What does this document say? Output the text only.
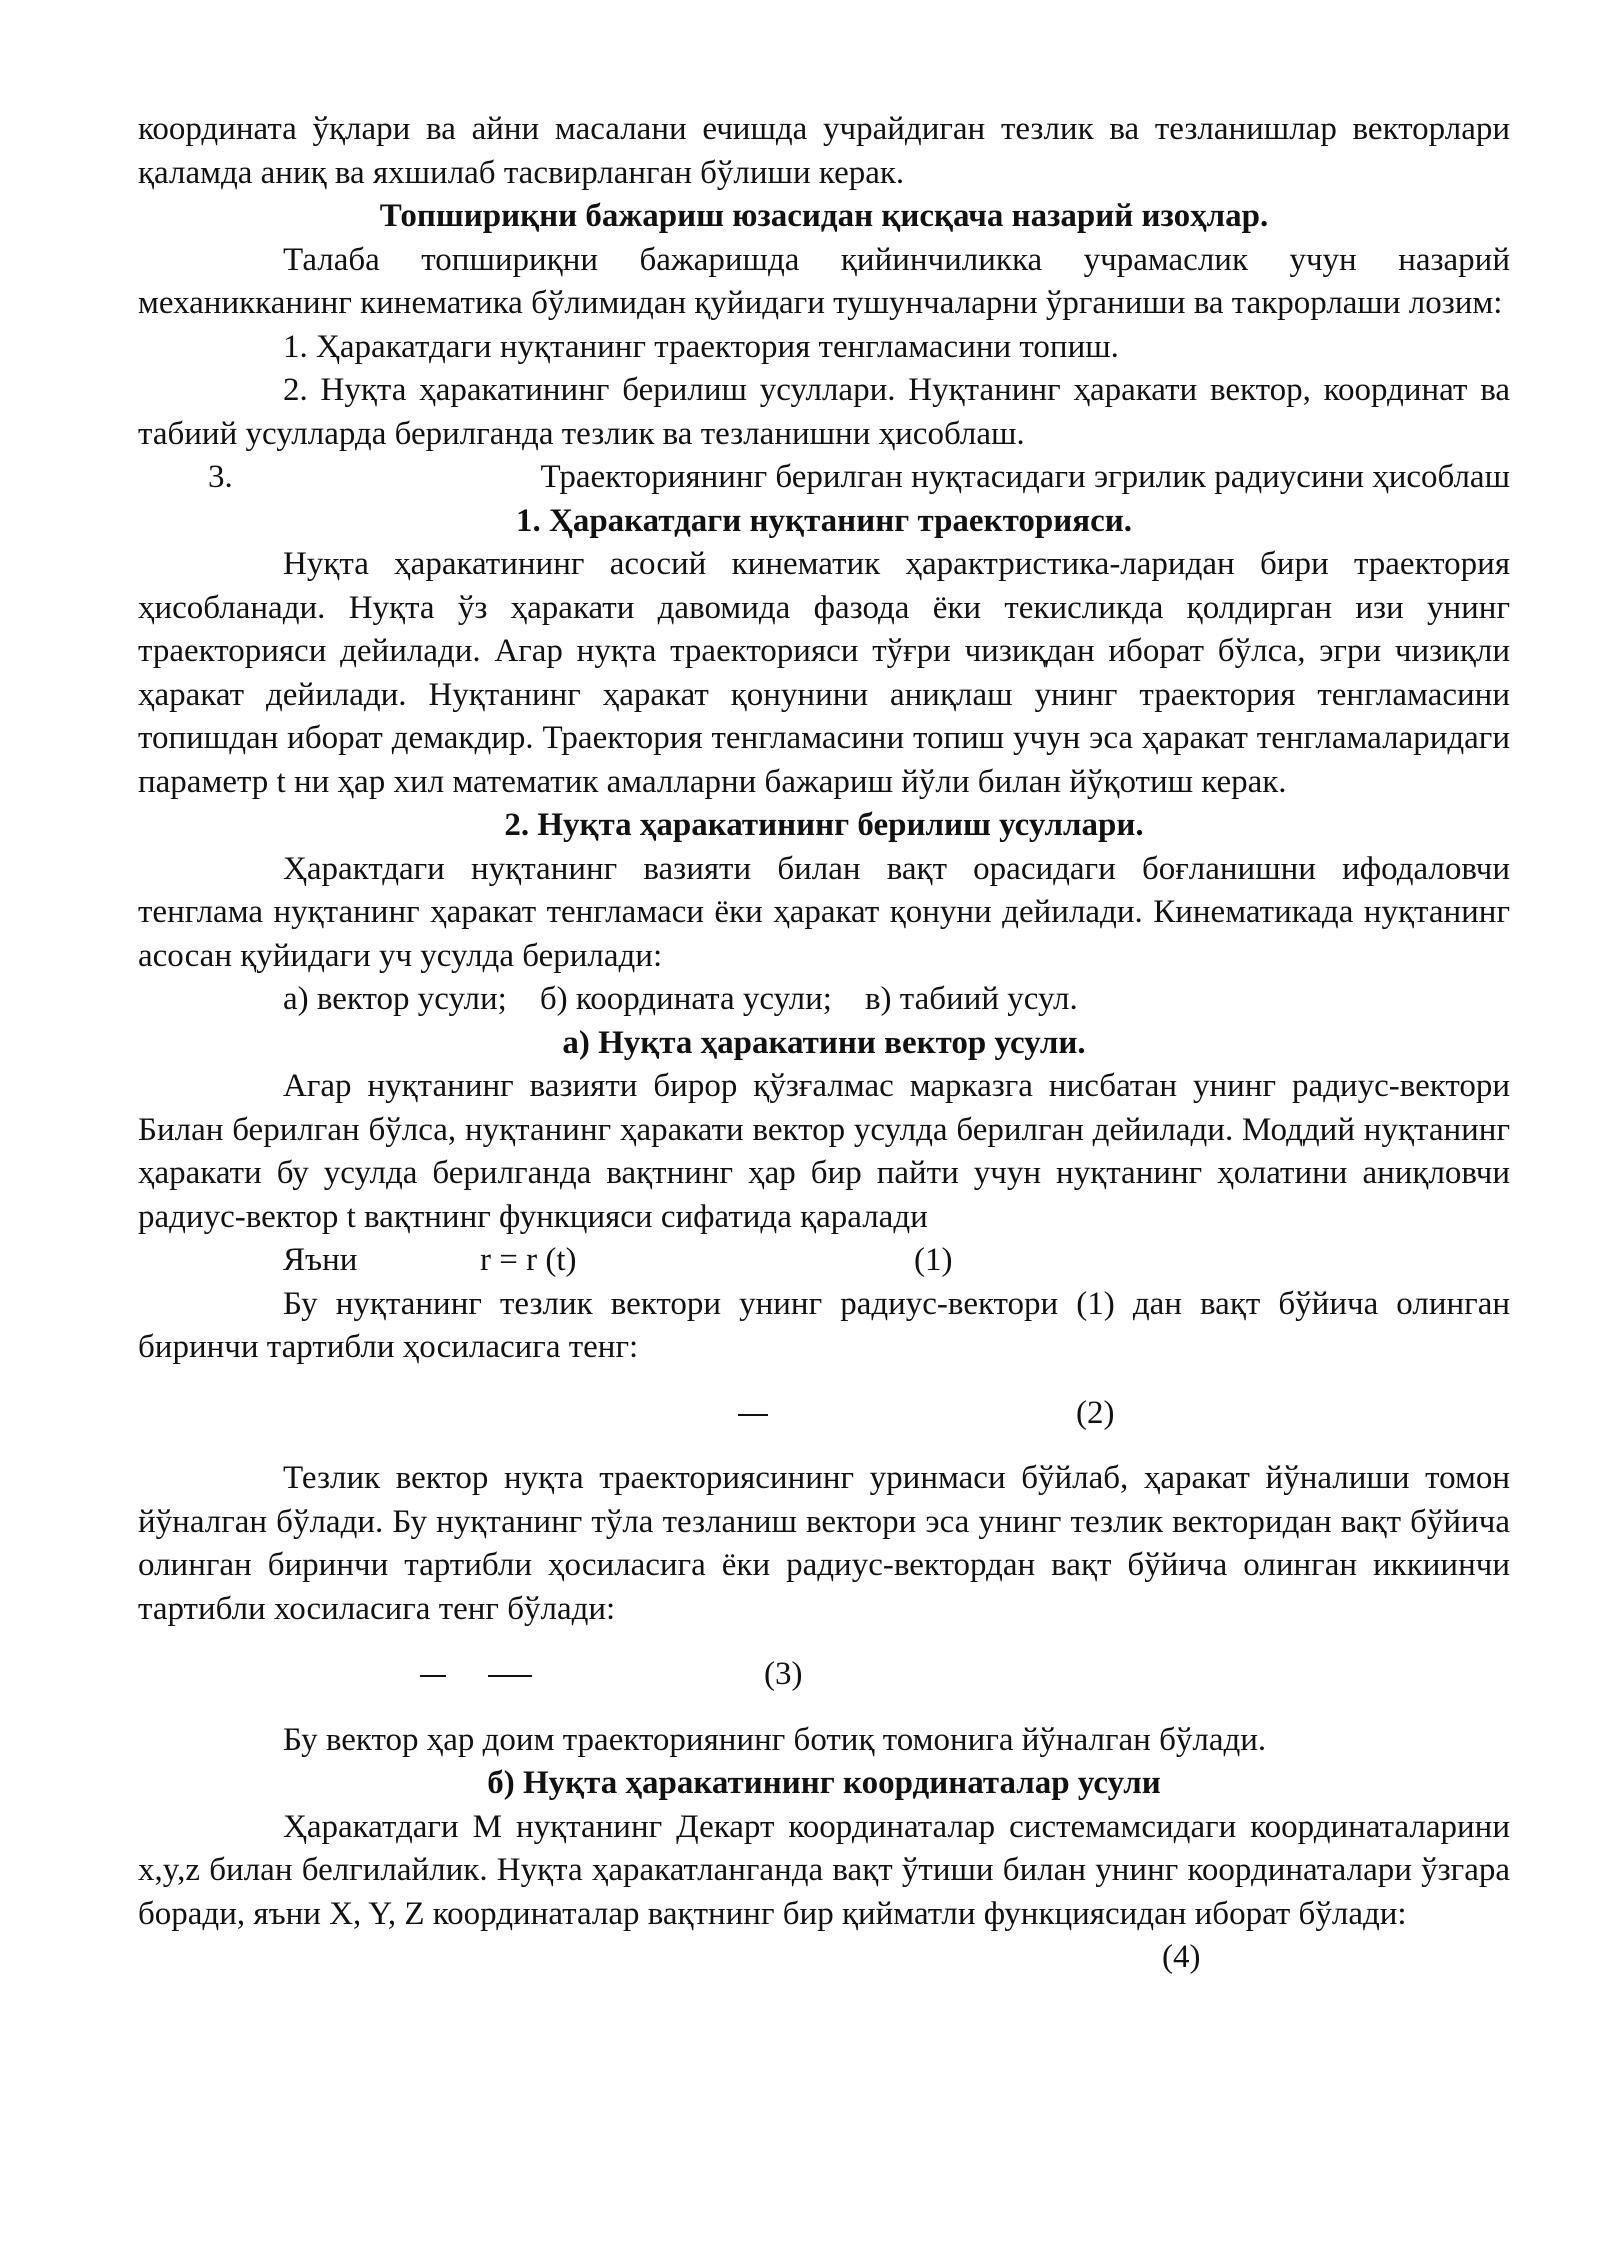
координата ўқлари ва айни масалани ечишда учрайдиган тезлик ва тезланишлар векторлари қаламда аниқ ва яхшилаб тасвирланган бўлиши керак.

Топшириқни бажариш юзасидан қисқача назарий изоҳлар.

Талаба топшириқни бажаришда қийинчиликка учрамаслик учун назарий механикканинг кинематика бўлимидан қуйидаги тушунчаларни ўрганиши ва такрорлаши лозим:

1. Ҳаракатдаги нуқтанинг траектория тенгламасини топиш.

2. Нуқта ҳаракатининг берилиш усуллари. Нуқтанинг ҳаракати вектор, координат ва табиий усулларда берилганда тезлик ва тезланишни ҳисоблаш.

3.	Траекториянинг берилган нуқтасидаги эгрилик радиусини ҳисоблаш

1. Ҳаракатдаги нуқтанинг траекторияси.

Нуқта ҳаракатининг асосий кинематик ҳарактристика-ларидан бири траектория ҳисобланади. Нуқта ўз ҳаракати давомида фазода ёки текисликда қолдирган изи унинг траекторияси дейилади. Агар нуқта траекторияси тўғри чизиқдан иборат бўлса, эгри чизиқли ҳаракат дейилади. Нуқтанинг ҳаракат қонунини аниқлаш унинг траектория тенгламасини топишдан иборат демакдир. Траектория тенгламасини топиш учун эса ҳаракат тенгламаларидаги параметр t ни ҳар хил математик амалларни бажариш йўли билан йўқотиш керак.

2. Нуқта ҳаракатининг берилиш усуллари.

Ҳарактдаги нуқтанинг вазияти билан вақт орасидаги боғланишни ифодаловчи тенглама нуқтанинг ҳаракат тенгламаси ёки ҳаракат қонуни дейилади. Кинематикада нуқтанинг асосан қуйидаги уч усулда берилади:

а) вектор усули;    б) координата усули;    в) табиий усул.

а) Нуқта ҳаракатини вектор усули.

Агар нуқтанинг вазияти бирор қўзғалмас марказга нисбатан унинг радиус-вектори Билан берилган бўлса, нуқтанинг ҳаракати вектор усулда берилган дейилади. Моддий нуқтанинг ҳаракати бу усулда берилганда вақтнинг ҳар бир пайти учун нуқтанинг ҳолатини аниқловчи радиус-вектор t вақтнинг функцияси сифатида қаралади

Яъни	r = r (t)	(1)

Бу нуқтанинг тезлик вектори унинг радиус-вектори (1) дан вақт бўйича олинган биринчи тартибли ҳосиласига тенг:

(2)

Тезлик вектор нуқта траекториясининг уринмаси бўйлаб, ҳаракат йўналиши томон йўналган бўлади. Бу нуқтанинг тўла тезланиш вектори эса унинг тезлик векторидан вақт бўйича олинган биринчи тартибли ҳосиласига ёки радиус-вектордан вақт бўйича олинган иккиинчи тартибли хосиласига тенг бўлади:

(3)

Бу вектор ҳар доим траекториянинг ботиқ томонига йўналган бўлади.

б) Нуқта ҳаракатининг координаталар усули

Ҳаракатдаги М нуқтанинг Декарт координаталар системамсидаги координаталарини x,y,z билан белгилайлик. Нуқта ҳаракатланганда вақт ўтиши билан унинг координаталари ўзгара боради, яъни X, Y, Z координаталар вақтнинг бир қийматли функциясидан иборат бўлади:

(4)
